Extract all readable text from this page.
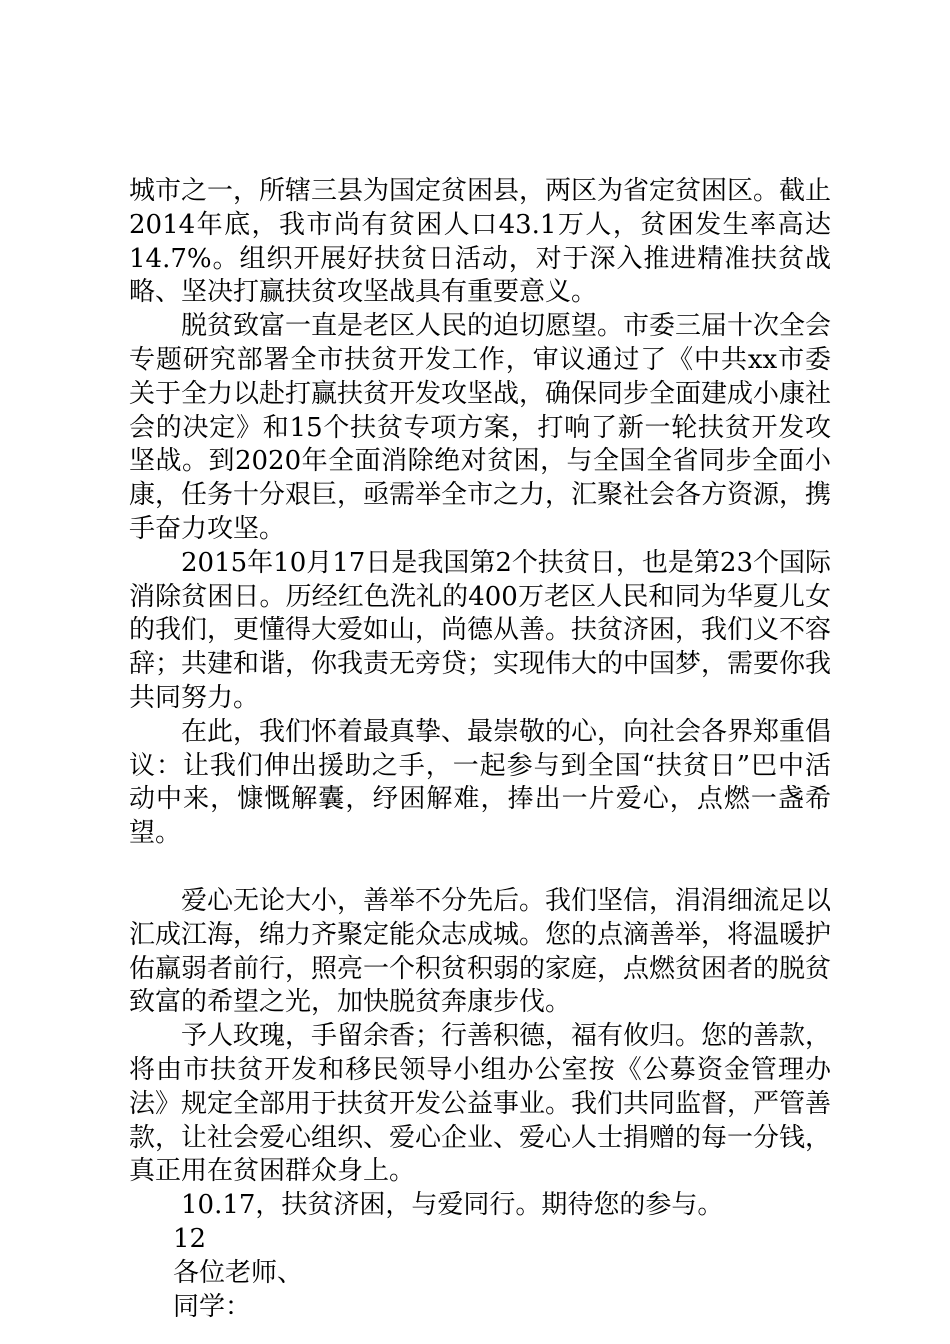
城市之一，所辖三县为国定贫困县，两区为省定贫困区。截止2014年底，我市尚有贫困人口43.1万人，贫困发生率高达14.7%。组织开展好扶贫日活动，对于深入推进精准扶贫战略、坚决打赢扶贫攻坚战具有重要意义。

脱贫致富一直是老区人民的迫切愿望。市委三届十次全会专题研究部署全市扶贫开发工作，审议通过了《中共xx市委关于全力以赴打赢扶贫开发攻坚战，确保同步全面建成小康社会的决定》和15个扶贫专项方案，打响了新一轮扶贫开发攻坚战。到2020年全面消除绝对贫困，与全国全省同步全面小康，任务十分艰巨，亟需举全市之力，汇聚社会各方资源，携手奋力攻坚。

2015年10月17日是我国第2个扶贫日，也是第23个国际消除贫困日。历经红色洗礼的400万老区人民和同为华夏儿女的我们，更懂得大爱如山，尚德从善。扶贫济困，我们义不容辞；共建和谐，你我责无旁贷；实现伟大的中国梦，需要你我共同努力。

在此，我们怀着最真挚、最崇敬的心，向社会各界郑重倡议：让我们伸出援助之手，一起参与到全国“扶贫日”巴中活动中来，慷慨解囊，纾困解难，捧出一片爱心，点燃一盏希望。

爱心无论大小，善举不分先后。我们坚信，涓涓细流足以汇成江海，绵力齐聚定能众志成城。您的点滴善举，将温暖护佑羸弱者前行，照亮一个积贫积弱的家庭，点燃贫困者的脱贫致富的希望之光，加快脱贫奔康步伐。

予人玫瑰，手留余香；行善积德，福有攸归。您的善款，将由市扶贫开发和移民领导小组办公室按《公募资金管理办法》规定全部用于扶贫开发公益事业。我们共同监督，严管善款，让社会爱心组织、爱心企业、爱心人士捐赠的每一分钱，真正用在贫困群众身上。

10.17，扶贫济困，与爱同行。期待您的参与。

12

各位老师、

同学：
